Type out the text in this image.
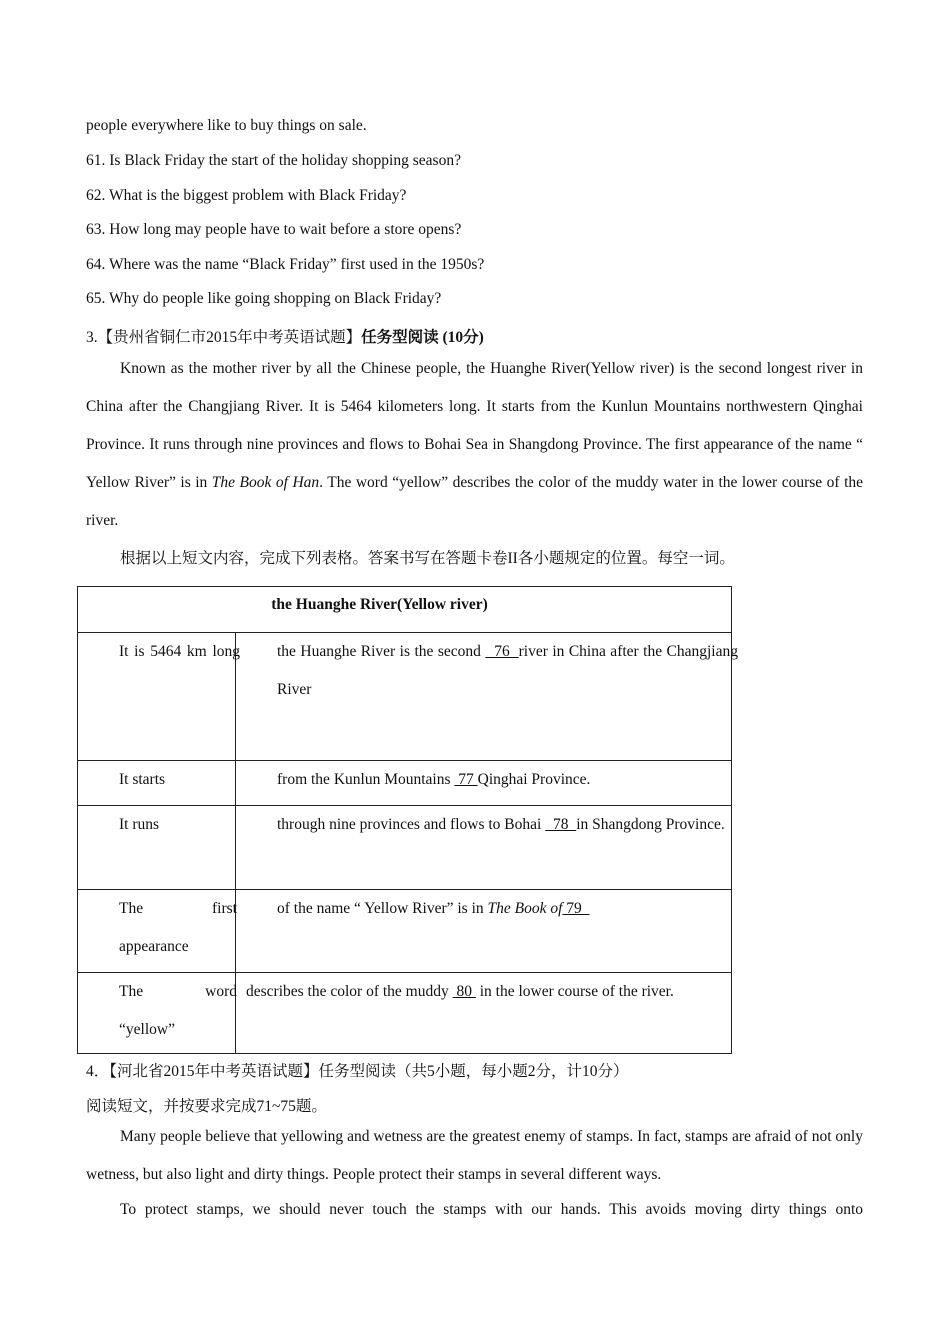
people everywhere like to buy things on sale.
61. Is Black Friday the start of the holiday shopping season?
62. What is the biggest problem with Black Friday?
63. How long may people have to wait before a store opens?
64. Where was the name “Black Friday” first used in the 1950s?
65. Why do people like going shopping on Black Friday?
3.【贵州省铜仁市2015年中考英语试题】任务型阅读 (10分)
Known as the mother river by all the Chinese people, the Huanghe River(Yellow river) is the second longest river in China after the Changjiang River. It is 5464 kilometers long. It starts from the Kunlun Mountains northwestern Qinghai Province. It runs through nine provinces and flows to Bohai Sea in Shangdong Province. The first appearance of the name “ Yellow River” is in The Book of Han. The word “yellow” describes the color of the muddy water in the lower course of the river.
根据以上短文内容，完成下列表格。答案书写在答题卡卷II各小题规定的位置。每空一词。
the Huanghe River(Yellow river)
It is 5464 km long the Huanghe River is the second   76  river in China after the Changjiang River
It starts	from the Kunlun Mountains  77 Qinghai Province.
It runs	through nine provinces and flows to Bohai   78  in Shangdong Province.
The first appearance
of the name “ Yellow River” is in The Book of 79
The word “yellow”
describes the color of the muddy  80  in the lower course of the river.
4．【河北省2015年中考英语试题】任务型阅读（共5小题，每小题2分，计10分）
阅读短文，并按要求完成71~75题。
Many people believe that yellowing and wetness are the greatest enemy of stamps. In fact, stamps are afraid of not only wetness, but also light and dirty things. People protect their stamps in several different ways.
To protect stamps, we should never touch the stamps with our hands. This avoids moving dirty things onto
